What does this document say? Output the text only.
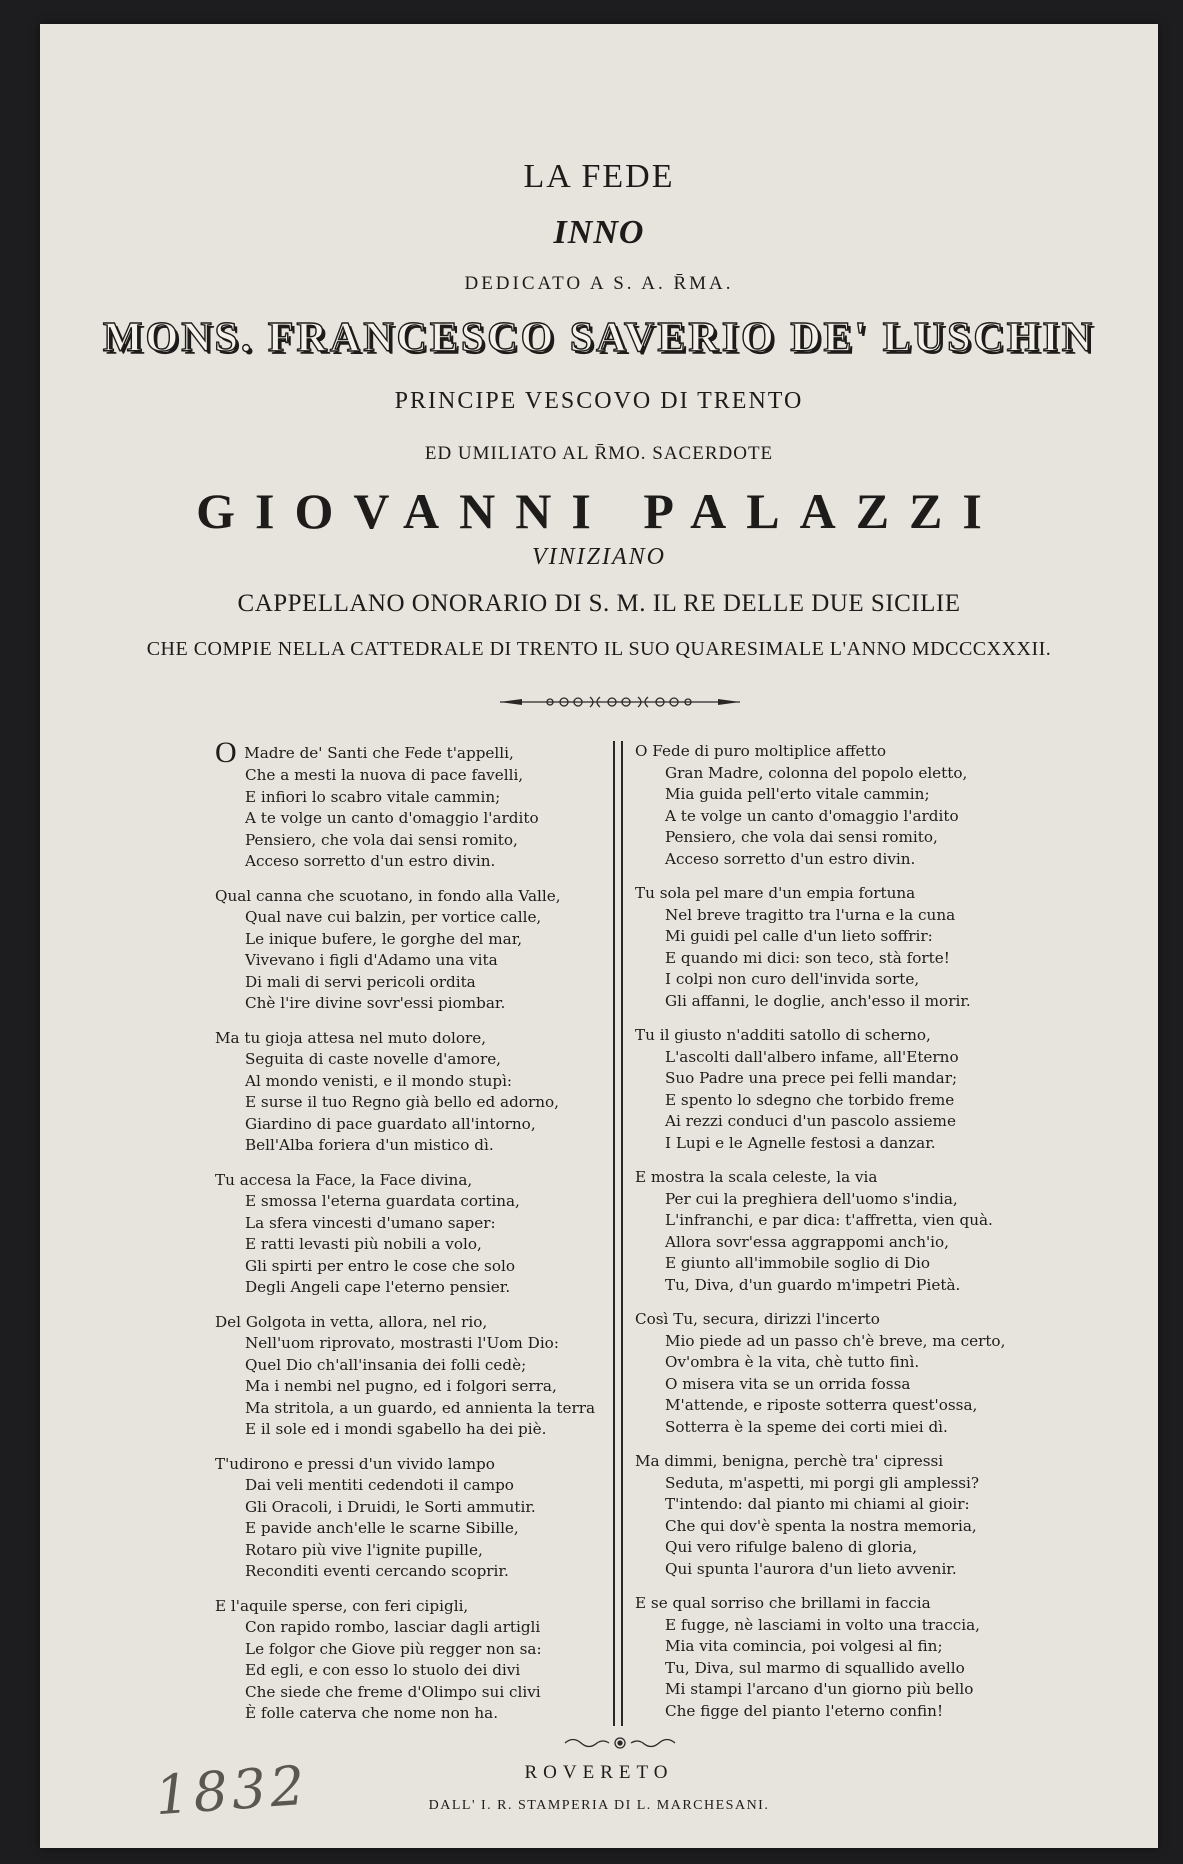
LA FEDE
INNO
DEDICATO A S. A. R̄MA.
MONS. FRANCESCO SAVERIO DE' LUSCHIN
PRINCIPE VESCOVO DI TRENTO
ED UMILIATO AL R̄MO. SACERDOTE
GIOVANNI PALAZZI
VINIZIANO
CAPPELLANO ONORARIO DI S. M. IL RE DELLE DUE SICILIE
CHE COMPIE NELLA CATTEDRALE DI TRENTO IL SUO QUARESIMALE L'ANNO MDCCCXXXII.
O Madre de' Santi che Fede t'appelli,
Che a mesti la nuova di pace favelli,
E infiori lo scabro vitale cammin;
A te volge un canto d'omaggio l'ardito
Pensiero, che vola dai sensi romito,
Acceso sorretto d'un estro divin.
Qual canna che scuotano, in fondo alla Valle,
Qual nave cui balzin, per vortice calle,
Le inique bufere, le gorghe del mar,
Vivevano i figli d'Adamo una vita
Di mali di servi pericoli ordita
Chè l'ire divine sovr'essi piombar.
Ma tu gioja attesa nel muto dolore,
Seguita di caste novelle d'amore,
Al mondo venisti, e il mondo stupì:
E surse il tuo Regno già bello ed adorno,
Giardino di pace guardato all'intorno,
Bell'Alba foriera d'un mistico dì.
Tu accesa la Face, la Face divina,
E smossa l'eterna guardata cortina,
La sfera vincesti d'umano saper:
E ratti levasti più nobili a volo,
Gli spirti per entro le cose che solo
Degli Angeli cape l'eterno pensier.
Del Golgota in vetta, allora, nel rio,
Nell'uom riprovato, mostrasti l'Uom Dio:
Quel Dio ch'all'insania dei folli cedè;
Ma i nembi nel pugno, ed i folgori serra,
Ma stritola, a un guardo, ed annienta la terra
E il sole ed i mondi sgabello ha dei piè.
T'udirono e pressi d'un vivido lampo
Dai veli mentiti cedendoti il campo
Gli Oracoli, i Druidi, le Sorti ammutir.
E pavide anch'elle le scarne Sibille,
Rotaro più vive l'ignite pupille,
Reconditi eventi cercando scoprir.
E l'aquile sperse, con feri cipigli,
Con rapido rombo, lasciar dagli artigli
Le folgor che Giove più regger non sa:
Ed egli, e con esso lo stuolo dei divi
Che siede che freme d'Olimpo sui clivi
È folle caterva che nome non ha.
O Fede di puro moltiplice affetto
Gran Madre, colonna del popolo eletto,
Mia guida pell'erto vitale cammin;
A te volge un canto d'omaggio l'ardito
Pensiero, che vola dai sensi romito,
Acceso sorretto d'un estro divin.
Tu sola pel mare d'un empia fortuna
Nel breve tragitto tra l'urna e la cuna
Mi guidi pel calle d'un lieto soffrir:
E quando mi dici: son teco, stà forte!
I colpi non curo dell'invida sorte,
Gli affanni, le doglie, anch'esso il morir.
Tu il giusto n'additi satollo di scherno,
L'ascolti dall'albero infame, all'Eterno
Suo Padre una prece pei felli mandar;
E spento lo sdegno che torbido freme
Ai rezzi conduci d'un pascolo assieme
I Lupi e le Agnelle festosi a danzar.
E mostra la scala celeste, la via
Per cui la preghiera dell'uomo s'india,
L'infranchi, e par dica: t'affretta, vien quà.
Allora sovr'essa aggrappomi anch'io,
E giunto all'immobile soglio di Dio
Tu, Diva, d'un guardo m'impetri Pietà.
Così Tu, secura, dirizzi l'incerto
Mio piede ad un passo ch'è breve, ma certo,
Ov'ombra è la vita, chè tutto finì.
O misera vita se un orrida fossa
M'attende, e riposte sotterra quest'ossa,
Sotterra è la speme dei corti miei dì.
Ma dimmi, benigna, perchè tra' cipressi
Seduta, m'aspetti, mi porgi gli amplessi?
T'intendo: dal pianto mi chiami al gioir:
Che qui dov'è spenta la nostra memoria,
Qui vero rifulge baleno di gloria,
Qui spunta l'aurora d'un lieto avvenir.
E se qual sorriso che brillami in faccia
E fugge, nè lasciami in volto una traccia,
Mia vita comincia, poi volgesi al fin;
Tu, Diva, sul marmo di squallido avello
Mi stampi l'arcano d'un giorno più bello
Che figge del pianto l'eterno confin!
ROVERETO
DALL' I. R. STAMPERIA DI L. MARCHESANI.
1832
